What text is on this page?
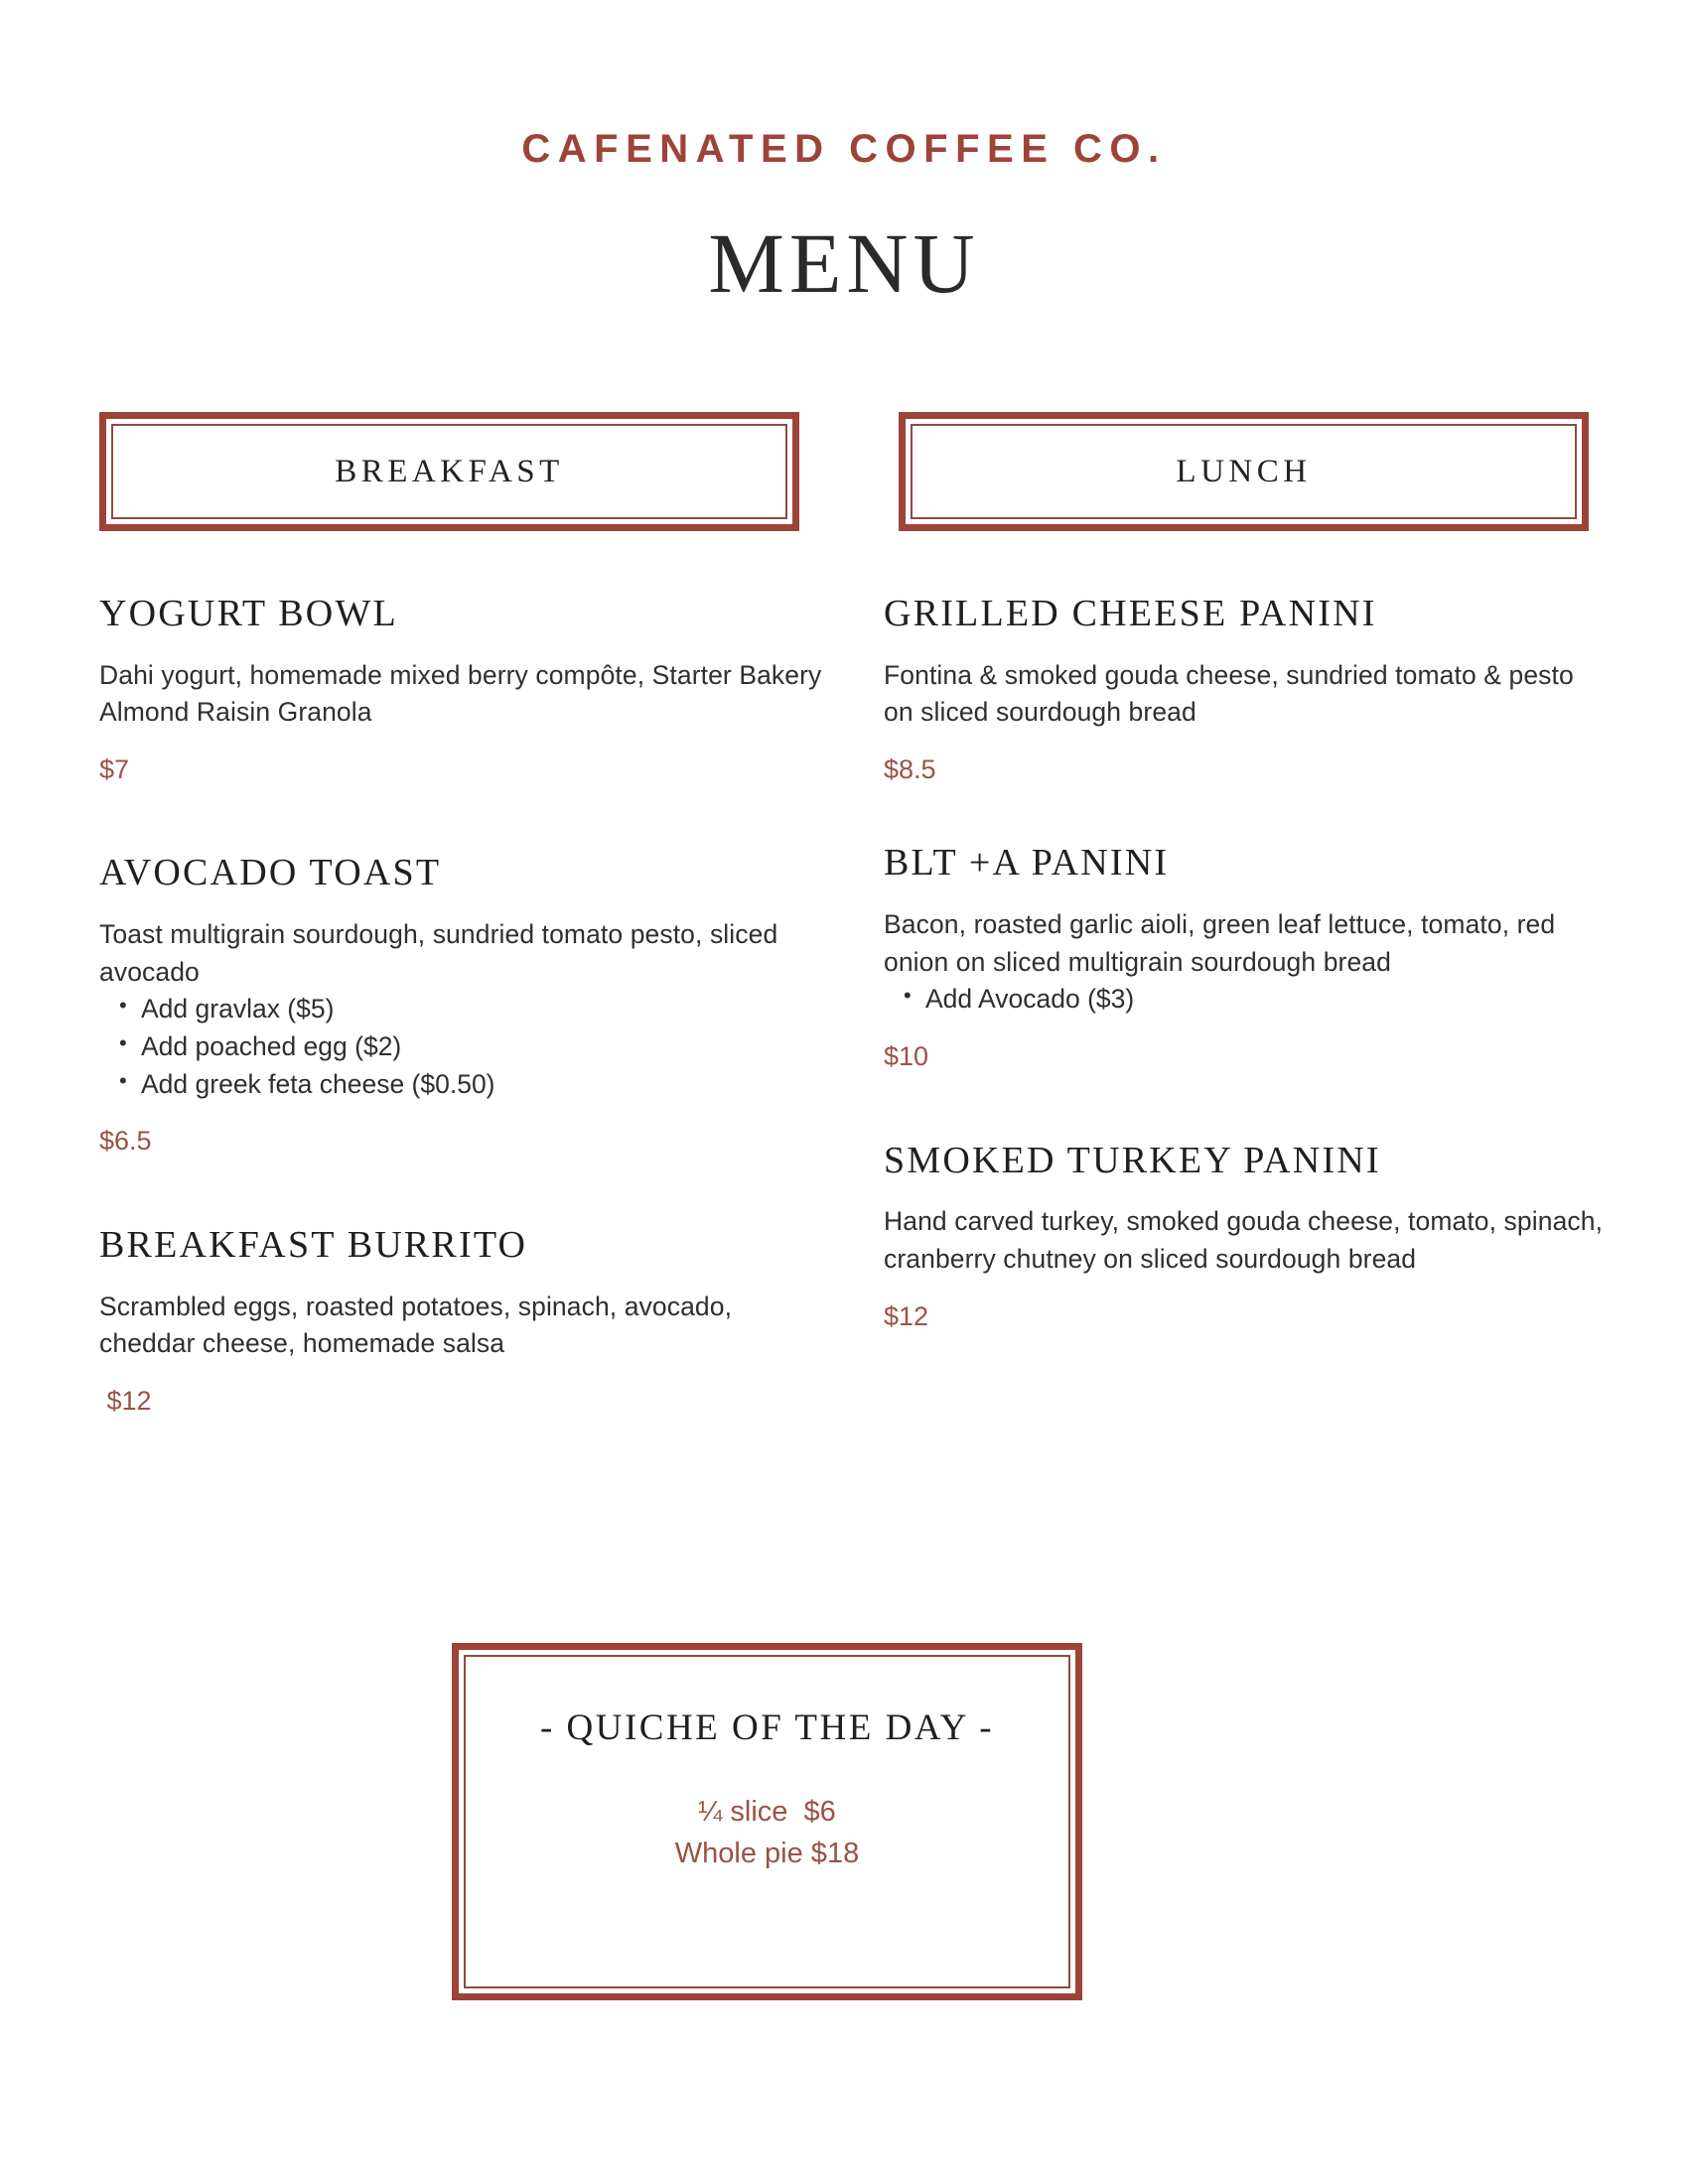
CAFENATED COFFEE CO.
MENU
BREAKFAST	LUNCH
YOGURT BOWL

Dahi yogurt, homemade mixed berry compôte, Starter Bakery Almond Raisin Granola

$7

AVOCADO TOAST

Toast multigrain sourdough, sundried tomato pesto, sliced avocado

• Add gravlax ($5)
• Add poached egg ($2)
• Add greek feta cheese ($0.50)

$6.5

BREAKFAST BURRITO

Scrambled eggs, roasted potatoes, spinach, avocado, cheddar cheese, homemade salsa

$12

GRILLED CHEESE PANINI

Fontina & smoked gouda cheese, sundried tomato & pesto on sliced sourdough bread

$8.5

BLT +A PANINI

Bacon, roasted garlic aioli, green leaf lettuce, tomato, red onion on sliced multigrain sourdough bread

• Add Avocado ($3)

$10

SMOKED TURKEY PANINI

Hand carved turkey, smoked gouda cheese, tomato, spinach, cranberry chutney on sliced sourdough bread

$12

- QUICHE OF THE DAY -
¼ slice  $6
Whole pie $18
